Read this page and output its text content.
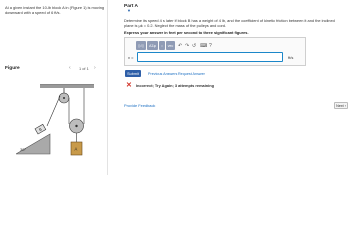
At a given instant the 10-lb block A in (Figure 1) is moving downward with a speed of 6 ft/s.
Figure	‹ 1 of 1 ›
30°
B
A
▼
Part A
Determine its speed 4 s later if block B has a weight of 4 lb, and the coefficient of kinetic friction between it and the inclined plane is μk = 0.2. Neglect the mass of the pulleys and cord.
Express your answer in feet per second to three significant figures.
▯√▯	ΑΣφ	↕	vec ↶ ↷ ↺ ⌨ ?
v =	ft/s
Submit	Previous Answers Request Answer
✕ Incorrect; Try Again; 3 attempts remaining
Provide Feedback	Next
›
